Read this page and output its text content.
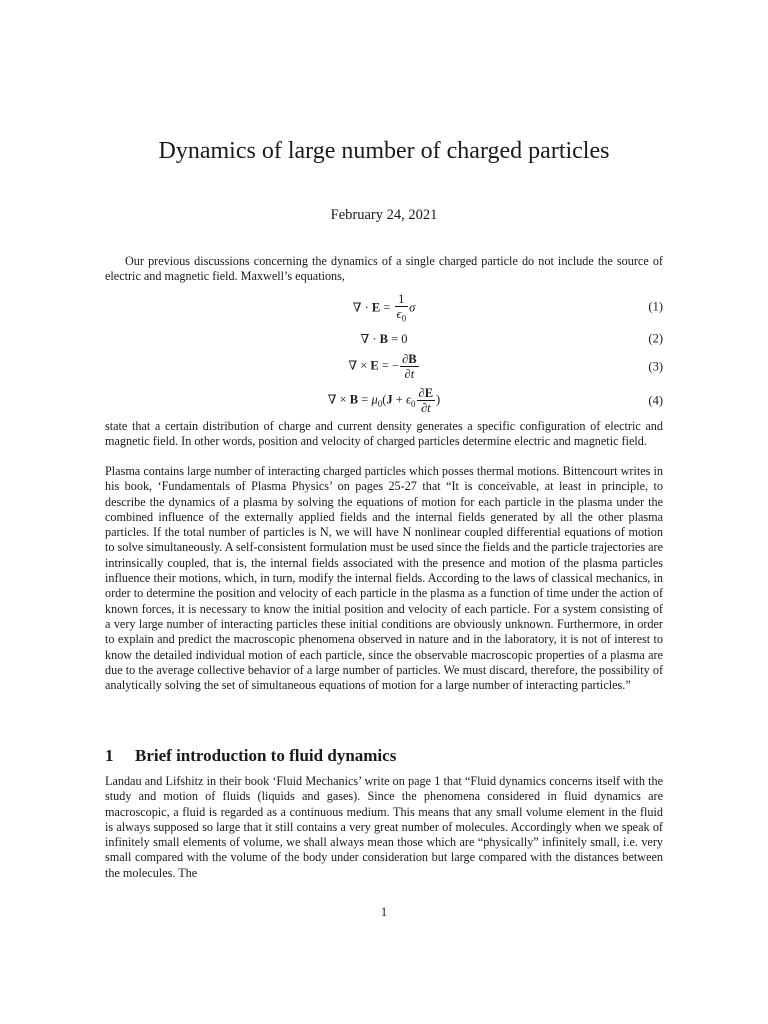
Dynamics of large number of charged particles
February 24, 2021

Our previous discussions concerning the dynamics of a single charged particle do not include the source of electric and magnetic field. Maxwell’s equations,

∇ · $E = \frac{1}{\epsilon_0}$ σ	(1)
∇ · B = 0	(2)
∇ × E = − $\frac{\partial B}{\partial t}$	(3)
∇ × $B = \mu_0(J + \epsilon_0 \frac{\partial E}{\partial t}$ )	(4)

state that a certain distribution of charge and current density generates a specific configuration of electric and magnetic field. In other words, position and velocity of charged particles determine electric and magnetic field.

Plasma contains large number of interacting charged particles which posses thermal motions. Bittencourt writes in his book, ‘Fundamentals of Plasma Physics’ on pages 25-27 that “It is conceivable, at least in principle, to describe the dynamics of a plasma by solving the equations of motion for each particle in the plasma under the combined influence of the externally applied fields and the internal fields generated by all the other plasma particles. If the total number of particles is N, we will have N nonlinear coupled differential equations of motion to solve simultaneously. A self-consistent formulation must be used since the fields and the particle trajectories are intrinsically coupled, that is, the internal fields associated with the presence and motion of the plasma particles influence their motions, which, in turn, modify the internal fields. According to the laws of classical mechanics, in order to determine the position and velocity of each particle in the plasma as a function of time under the action of known forces, it is necessary to know the initial position and velocity of each particle. For a system consisting of a very large number of interacting particles these initial conditions are obviously unknown. Furthermore, in order to explain and predict the macroscopic phenomena observed in nature and in the laboratory, it is not of interest to know the detailed individual motion of each particle, since the observable macroscopic properties of a plasma are due to the average collective behavior of a large number of particles. We must discard, therefore, the possibility of analytically solving the set of simultaneous equations of motion for a large number of interacting particles.”

1 Brief introduction to fluid dynamics

Landau and Lifshitz in their book ‘Fluid Mechanics’ write on page 1 that “Fluid dynamics concerns itself with the study and motion of fluids (liquids and gases). Since the phenomena considered in fluid dynamics are macroscopic, a fluid is regarded as a continuous medium. This means that any small volume element in the fluid is always supposed so large that it still contains a very great number of molecules. Accordingly when we speak of infinitely small elements of volume, we shall always mean those which are “physically” infinitely small, i.e. very small compared with the volume of the body under consideration but large compared with the distances between the molecules. The

1
